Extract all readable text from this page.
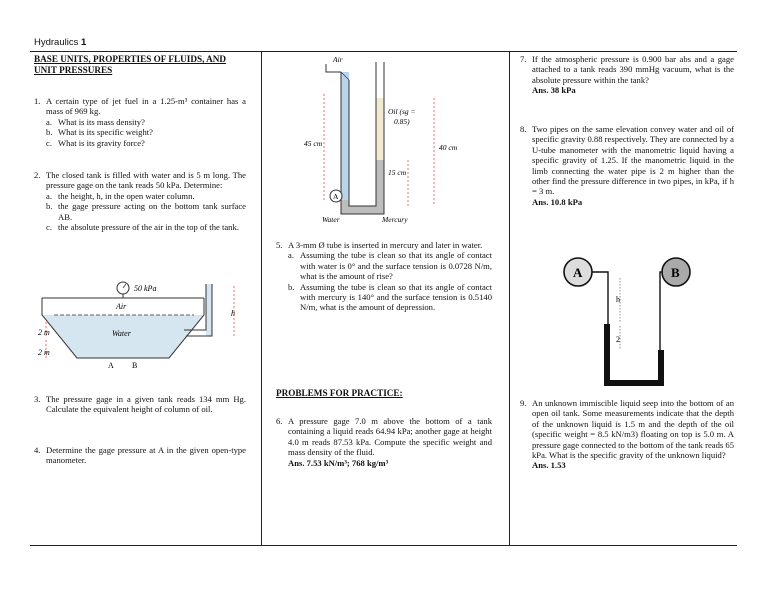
Hydraulics 1
BASE UNITS, PROPERTIES OF FLUIDS, AND UNIT PRESSURES
1. A certain type of jet fuel in a 1.25-m³ container has a mass of 969 kg.
a. What is its mass density?
b. What is its specific weight?
c. What is its gravity force?
2. The closed tank is filled with water and is 5 m long. The pressure gage on the tank reads 50 kPa. Determine:
a. the height, h, in the open water column.
b. the gage pressure acting on the bottom tank surface AB.
c. the absolute pressure of the air in the top of the tank.
50 kPa
Air
Water
h
2 m
2 m
A B
3. The pressure gage in a given tank reads 134 mm Hg. Calculate the equivalent height of column of oil.
4. Determine the gage pressure at A in the given open-type manometer.
Air
Oil (sg =
0.85)
45 cm	40 cm
15 cm
A
Water	Mercury
5. A 3-mm Ø tube is inserted in mercury and later in water.
a. Assuming the tube is clean so that its angle of contact with water is 0° and the surface tension is 0.0728 N/m, what is the amount of rise?
b. Assuming the tube is clean so that its angle of contact with mercury is 140° and the surface tension is 0.5140 N/m, what is the amount of depression.
PROBLEMS FOR PRACTICE:
6. A pressure gage 7.0 m above the bottom of a tank containing a liquid reads 64.94 kPa; another gage at height 4.0 m reads 87.53 kPa. Compute the specific weight and mass density of the fluid.
Ans. 7.53 kN/m³; 768 kg/m³
7. If the atmospheric pressure is 0.900 bar abs and a gage attached to a tank reads 390 mmHg vacuum, what is the absolute pressure within the tank?
Ans. 38 kPa
8. Two pipes on the same elevation convey water and oil of specific gravity 0.88 respectively. They are connected by a U-tube manometer with the manometric liquid having a specific gravity of 1.25. If the manometric liquid in the limb connecting the water pipe is 2 m higher than the other find the pressure difference in two pipes, in kPa, if h = 3 m.
Ans. 10.8 kPa
A	B
h
2
9. An unknown immiscible liquid seep into the bottom of an open oil tank. Some measurements indicate that the depth of the unknown liquid is 1.5 m and the depth of the oil (specific weight = 8.5 kN/m3) floating on top is 5.0 m. A pressure gage connected to the bottom of the tank reads 65 kPa. What is the specific gravity of the unknown liquid?
Ans. 1.53
